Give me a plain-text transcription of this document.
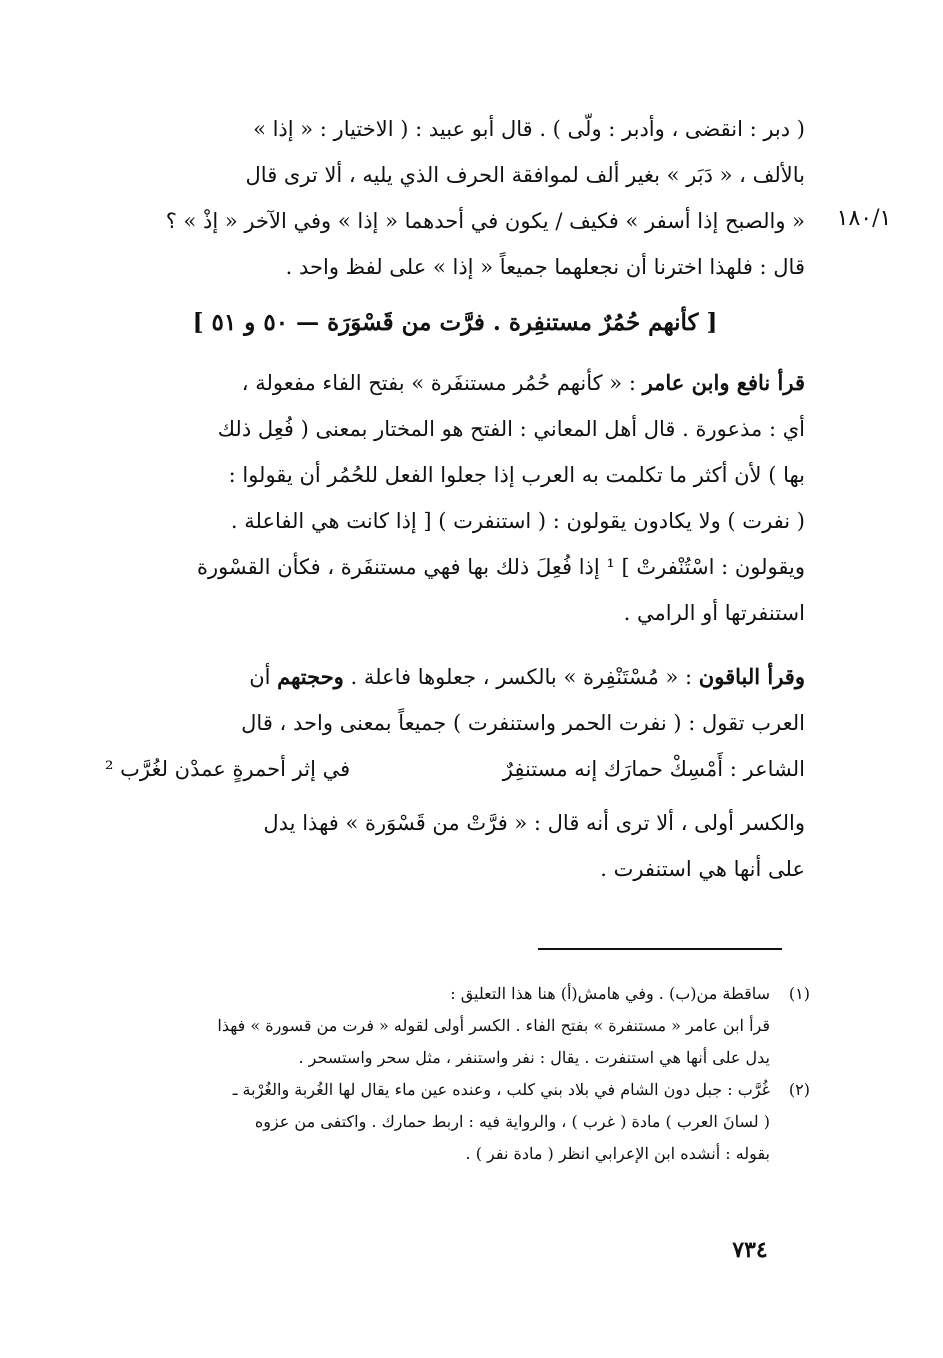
١٨٠/١
( دبر : انقضى ، وأدبر : ولّى ) . قال أبو عبيد : ( الاختيار : « إذا »
بالألف ، « دَبَر » بغير ألف لموافقة الحرف الذي يليه ، ألا ترى قال
« والصبح إذا أسفر » فكيف / يكون في أحدهما « إذا » وفي الآخر « إذْ » ؟
قال : فلهذا اخترنا أن نجعلهما جميعاً « إذا » على لفظ واحد .
[ كأنهم حُمُرٌ مستنفِرة . فرَّت من قَسْوَرَة — ٥٠ و ٥١ ]
قرأ نافع وابن عامر : « كأنهم حُمُر مستنفَرة » بفتح الفاء مفعولة ،
أي : مذعورة . قال أهل المعاني : الفتح هو المختار بمعنى ( فُعِل ذلك
بها ) لأن أكثر ما تكلمت به العرب إذا جعلوا الفعل للحُمُر أن يقولوا :
( نفرت ) ولا يكادون يقولون : ( استنفرت ) [ إذا كانت هي الفاعلة .
ويقولون : اسْتُنْفرتْ ] ¹ إذا فُعِلَ ذلك بها فهي مستنفَرة ، فكأن القسْورة
استنفرتها أو الرامي .
وقرأ الباقون : « مُسْتَنْفِرة » بالكسر ، جعلوها فاعلة . وحجتهم أن
العرب تقول : ( نفرت الحمر واستنفرت ) جميعاً بمعنى واحد ، قال
الشاعر : أَمْسِكْ حمارَك إنه مستنفِرٌ
في إثر أحمرةٍ عمدْن لغُرَّب ²
والكسر أولى ، ألا ترى أنه قال : « فرَّتْ من قَسْوَرة » فهذا يدل
على أنها هي استنفرت .
(١)
ساقطة من(ب) . وفي هامش(أ) هنا هذا التعليق :
قرأ ابن عامر « مستنفرة » بفتح الفاء . الكسر أولى لقوله « فرت من قسورة » فهذا
يدل على أنها هي استنفرت . يقال : نفر واستنفر ، مثل سحر واستسحر .
(٢)
غُرَّب : جبل دون الشام في بلاد بني كلب ، وعنده عين ماء يقال لها الغُربة والغُرْبة ـ
( لسانَ العرب ) مادة ( غرب ) ، والرواية فيه : اربط حمارك . واكتفى من عزوه
بقوله : أنشده ابن الإعرابي انظر ( مادة نفر ) .
٧٣٤
